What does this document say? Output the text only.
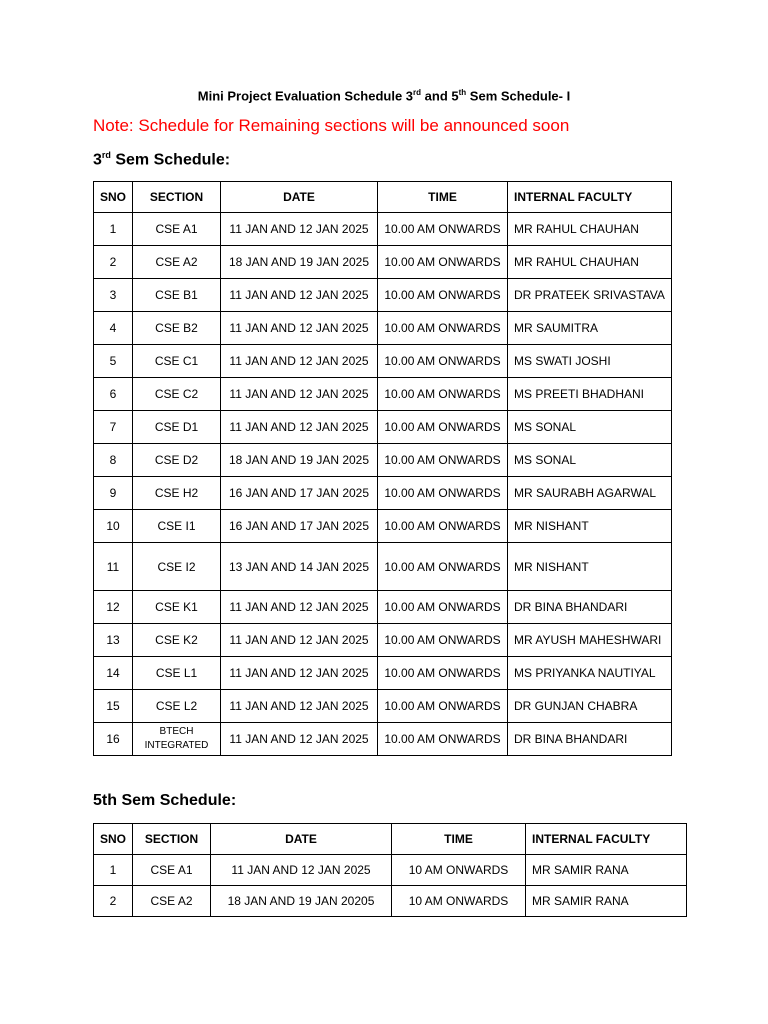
Mini Project Evaluation Schedule 3rd and 5th Sem Schedule- I
Note: Schedule for Remaining sections will be announced soon
3rd Sem Schedule:
SNO	SECTION	DATE	TIME	INTERNAL FACULTY
1	CSE A1	11 JAN AND 12 JAN 2025	10.00 AM ONWARDS	MR RAHUL CHAUHAN
2	CSE A2	18 JAN AND 19 JAN 2025	10.00 AM ONWARDS	MR RAHUL CHAUHAN
3	CSE B1	11 JAN AND 12 JAN 2025	10.00 AM ONWARDS	DR PRATEEK SRIVASTAVA
4	CSE B2	11 JAN AND 12 JAN 2025	10.00 AM ONWARDS	MR SAUMITRA
5	CSE C1	11 JAN AND 12 JAN 2025	10.00 AM ONWARDS	MS SWATI JOSHI
6	CSE C2	11 JAN AND 12 JAN 2025	10.00 AM ONWARDS	MS PREETI BHADHANI
7	CSE D1	11 JAN AND 12 JAN 2025	10.00 AM ONWARDS	MS SONAL
8	CSE D2	18 JAN AND 19 JAN 2025	10.00 AM ONWARDS	MS SONAL
9	CSE H2	16 JAN AND 17 JAN 2025	10.00 AM ONWARDS	MR SAURABH AGARWAL
10	CSE I1	16 JAN AND 17 JAN 2025	10.00 AM ONWARDS	MR NISHANT
11	CSE I2	13 JAN AND 14 JAN 2025	10.00 AM ONWARDS	MR NISHANT
12	CSE K1	11 JAN AND 12 JAN 2025	10.00 AM ONWARDS	DR BINA BHANDARI
13	CSE K2	11 JAN AND 12 JAN 2025	10.00 AM ONWARDS	MR AYUSH MAHESHWARI
14	CSE L1	11 JAN AND 12 JAN 2025	10.00 AM ONWARDS	MS PRIYANKA NAUTIYAL
15	CSE L2	11 JAN AND 12 JAN 2025	10.00 AM ONWARDS	DR GUNJAN CHABRA
16	BTECH INTEGRATED	11 JAN AND 12 JAN 2025	10.00 AM ONWARDS	DR BINA BHANDARI
5th Sem Schedule:
SNO	SECTION	DATE	TIME	INTERNAL FACULTY
1	CSE A1	11 JAN AND 12 JAN 2025	10 AM ONWARDS	MR SAMIR RANA
2	CSE A2	18 JAN AND 19 JAN 20205	10 AM ONWARDS	MR SAMIR RANA
